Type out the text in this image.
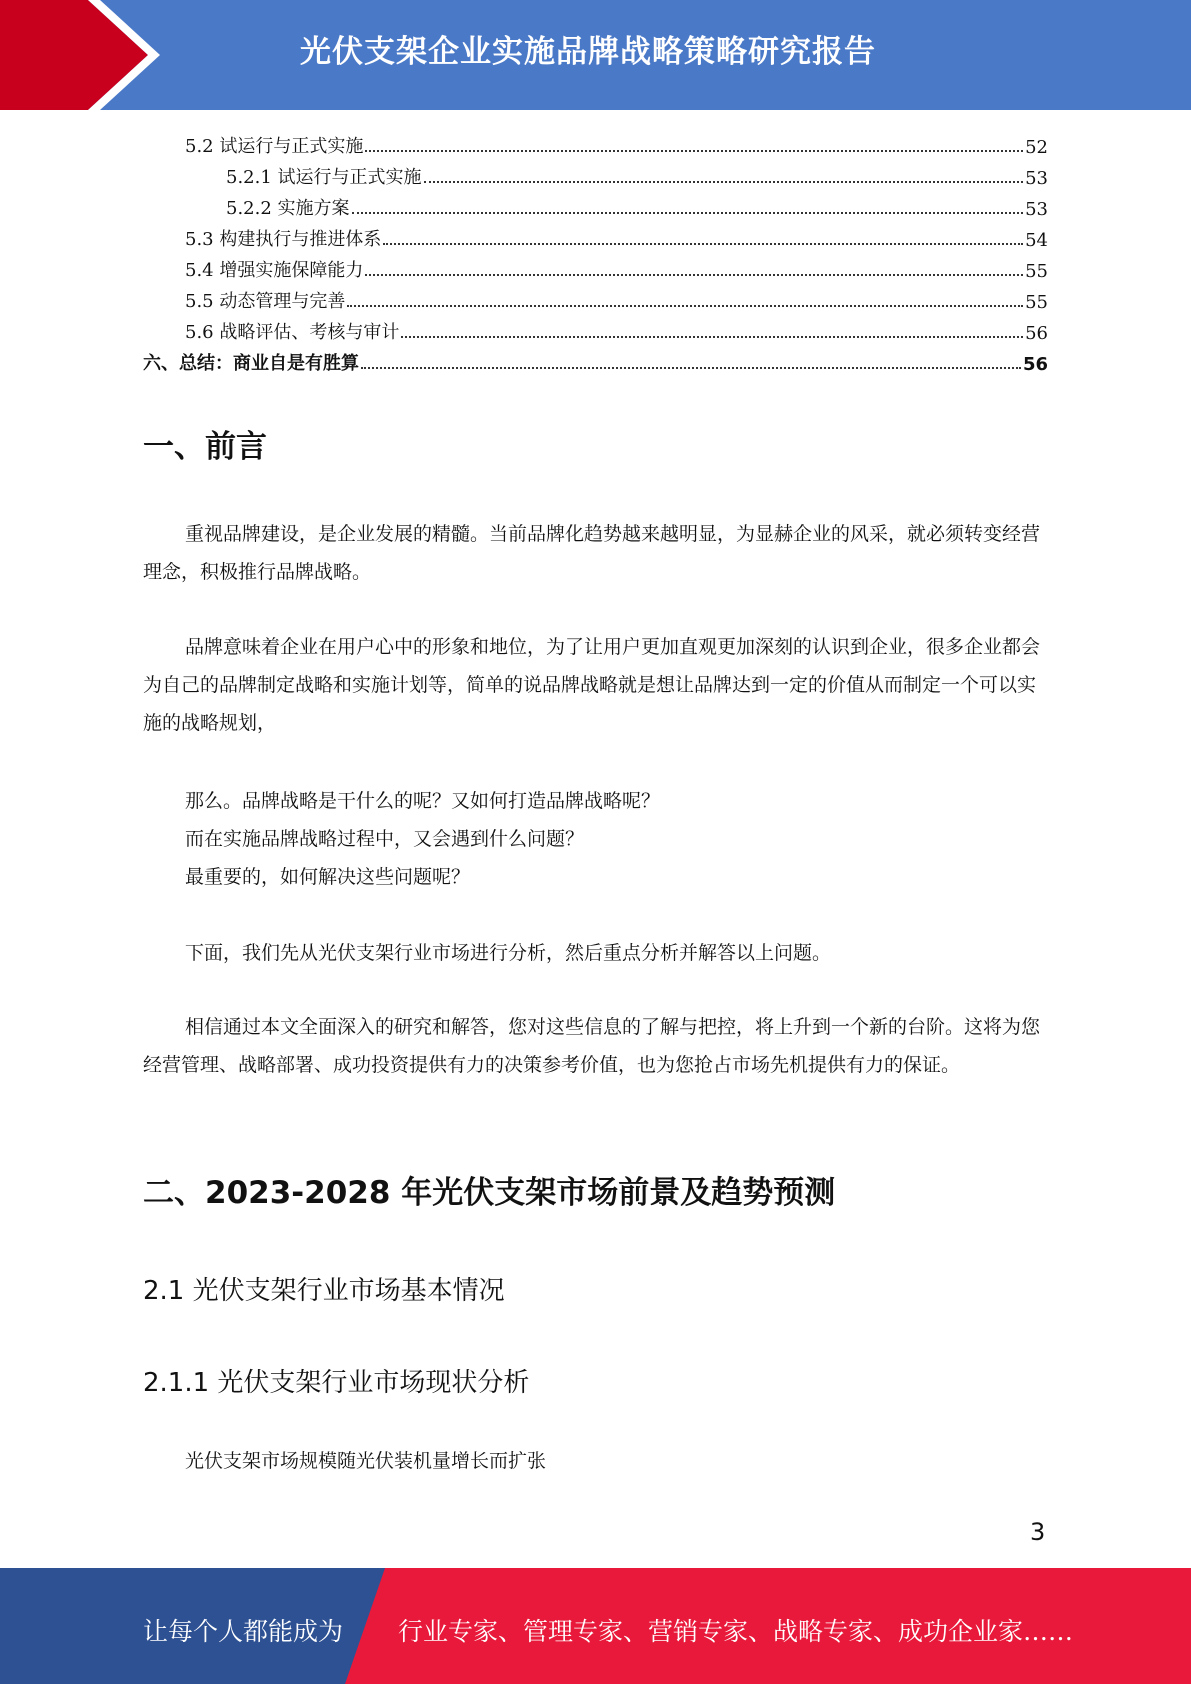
光伏支架企业实施品牌战略策略研究报告
5.2 试运行与正式实施	52
5.2.1 试运行与正式实施	53
5.2.2 实施方案	53
5.3 构建执行与推进体系	54
5.4 增强实施保障能力	55
5.5 动态管理与完善	55
5.6 战略评估、考核与审计	56
六、总结：商业自是有胜算	56
一、前言

重视品牌建设，是企业发展的精髓。当前品牌化趋势越来越明显，为显赫企业的风采，就必须转变经营理念，积极推行品牌战略。

品牌意味着企业在用户心中的形象和地位，为了让用户更加直观更加深刻的认识到企业，很多企业都会为自己的品牌制定战略和实施计划等，简单的说品牌战略就是想让品牌达到一定的价值从而制定一个可以实施的战略规划，

那么。品牌战略是干什么的呢？又如何打造品牌战略呢？

而在实施品牌战略过程中，又会遇到什么问题？

最重要的，如何解决这些问题呢？

下面，我们先从光伏支架行业市场进行分析，然后重点分析并解答以上问题。

相信通过本文全面深入的研究和解答，您对这些信息的了解与把控，将上升到一个新的台阶。这将为您经营管理、战略部署、成功投资提供有力的决策参考价值，也为您抢占市场先机提供有力的保证。

二、2023-2028 年光伏支架市场前景及趋势预测
2.1 光伏支架行业市场基本情况
2.1.1 光伏支架行业市场现状分析

光伏支架市场规模随光伏装机量增长而扩张

3
让每个人都能成为 行业专家、管理专家、营销专家、战略专家、成功企业家……
